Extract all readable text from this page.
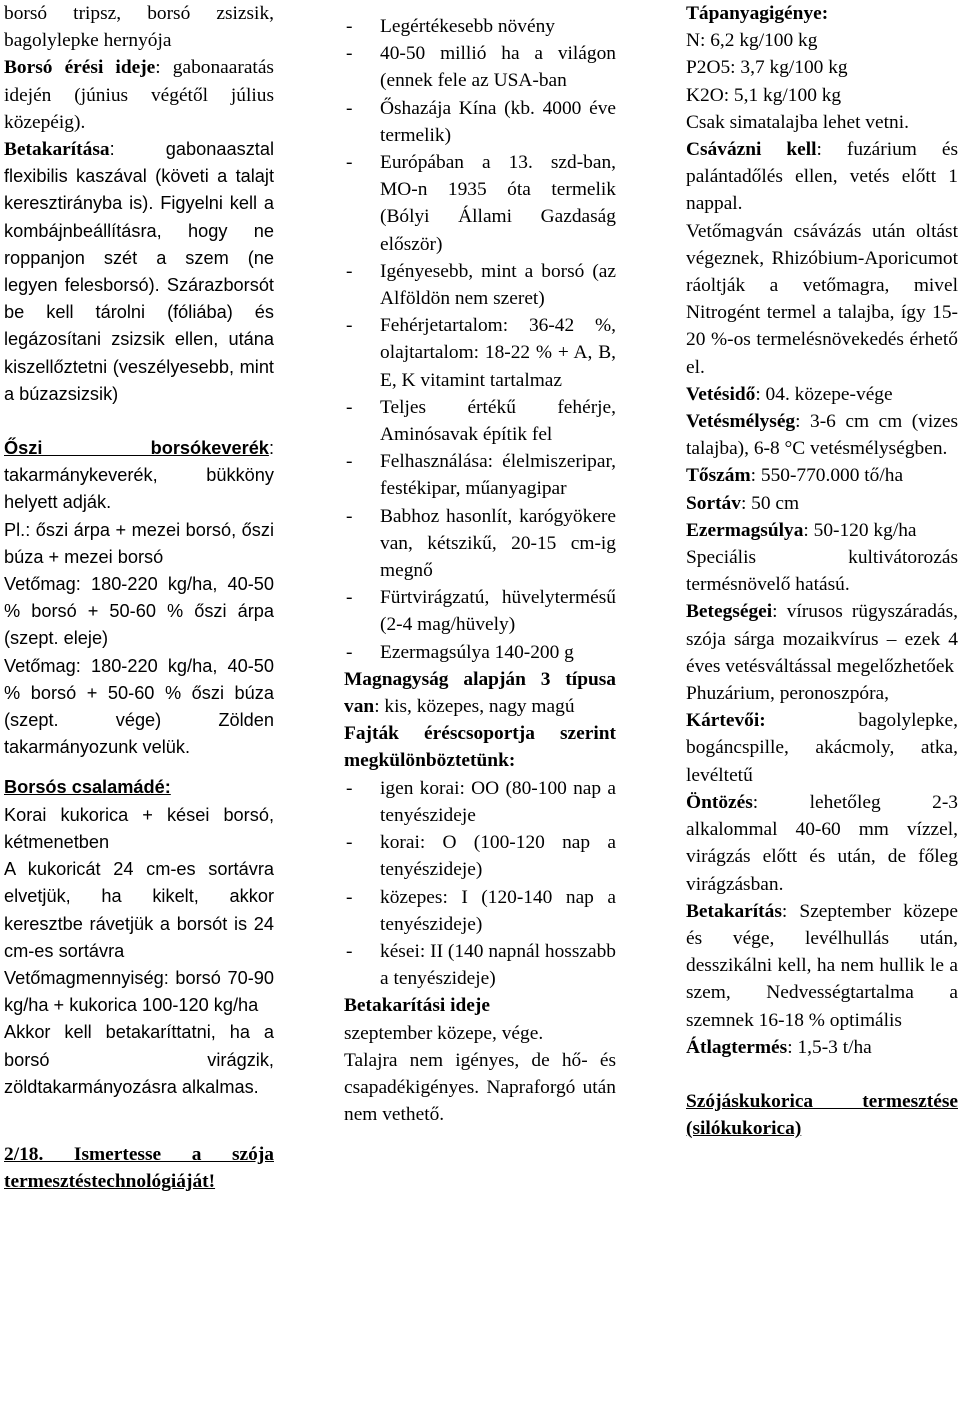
borsó tripsz, borsó zsizsik, bagolylepke hernyója

Borsó érési ideje: gabonaaratás idején (június végétől július közepéig).

Betakarítása: gabonaasztal flexibilis kaszával (követi a talajt keresztirányba is). Figyelni kell a kombájnbeállításra, hogy ne roppanjon szét a szem (ne legyen felesborsó). Szárazborsót be kell tárolni (fóliába) és legázosítani zsizsik ellen, utána kiszellőztetni (veszélyesebb, mint a búzazsizsik)

Őszi borsókeverék: takarmánykeverék, bükköny helyett adják.

Pl.: őszi árpa + mezei borsó, őszi búza + mezei borsó

Vetőmag: 180-220 kg/ha, 40-50 % borsó + 50-60 % őszi árpa (szept. eleje)

Vetőmag: 180-220 kg/ha, 40-50 % borsó + 50-60 % őszi búza (szept. vége) Zölden takarmányozunk velük.

Borsós csalamádé:

Korai kukorica + kései borsó, kétmenetben

A kukoricát 24 cm-es sortávra elvetjük, ha kikelt, akkor keresztbe rávetjük a borsót is 24 cm-es sortávra

Vetőmagmennyiség: borsó 70-90 kg/ha + kukorica 100-120 kg/ha

Akkor kell betakaríttatni, ha a borsó virágzik, zöldtakarmányozásra alkalmas.

2/18. Ismertesse a szója termesztéstechnológiáját!

- Legértékesebb növény
- 40-50 millió ha a világon (ennek fele az USA-ban
- Őshazája Kína (kb. 4000 éve termelik)
- Európában a 13. szd-ban, MO-n 1935 óta termelik (Bólyi Állami Gazdaság először)
- Igényesebb, mint a borsó (az Alföldön nem szeret)
- Fehérjetartalom: 36-42 %, olajtartalom: 18-22 % + A, B, E, K vitamint tartalmaz
- Teljes értékű fehérje, Aminósavak építik fel
- Felhasználása: élelmiszeripar, festékipar, műanyagipar
- Babhoz hasonlít, karógyökere van, kétszikű, 20-15 cm-ig megnő
- Fürtvirágzatú, hüvelytermésű (2-4 mag/hüvely)
- Ezermagsúlya 140-200 g

Magnagyság alapján 3 típusa van: kis, közepes, nagy magú

Fajták éréscsoportja szerint megkülönböztetünk:

- igen korai: OO (80-100 nap a tenyészideje
- korai: O (100-120 nap a tenyészideje)
- közepes: I (120-140 nap a tenyészideje)
- kései: II (140 napnál hosszabb a tenyészideje)

Betakarítási ideje

szeptember közepe, vége.

Talajra nem igényes, de hő- és csapadékigényes. Napraforgó után nem vethető.

Tápanyagigénye:

N: 6,2 kg/100 kg

P2O5: 3,7 kg/100 kg

K2O: 5,1 kg/100 kg

Csak simatalajba lehet vetni.

Csávázni kell: fuzárium és palántadőlés ellen, vetés előtt 1 nappal.

Vetőmagván csávázás után oltást végeznek, Rhizóbium-Aporicumot ráoltják a vetőmagra, mivel Nitrogént termel a talajba, így 15-20 %-os termelésnövekedés érhető el.

Vetésidő: 04. közepe-vége

Vetésmélység: 3-6 cm cm (vizes talajba), 6-8 °C vetésmélységben.

Tőszám: 550-770.000 tő/ha

Sortáv: 50 cm

Ezermagsúlya: 50-120 kg/ha

Speciális kultivátorozás termésnövelő hatású.

Betegségei: vírusos rügyszáradás, szója sárga mozaikvírus – ezek 4 éves vetésváltással megelőzhetőek

Phuzárium, peronoszpóra,

Kártevői: bagolylepke, bogáncspille, akácmoly, atka, levéltetű

Öntözés: lehetőleg 2-3 alkalommal 40-60 mm vízzel, virágzás előtt és után, de főleg virágzásban.

Betakarítás: Szeptember közepe és vége, levélhullás után, desszikálni kell, ha nem hullik le a szem, Nedvességtartalma a szemnek 16-18 % optimális

Átlagtermés: 1,5-3 t/ha

Szójáskukorica termesztése (silókukorica)
